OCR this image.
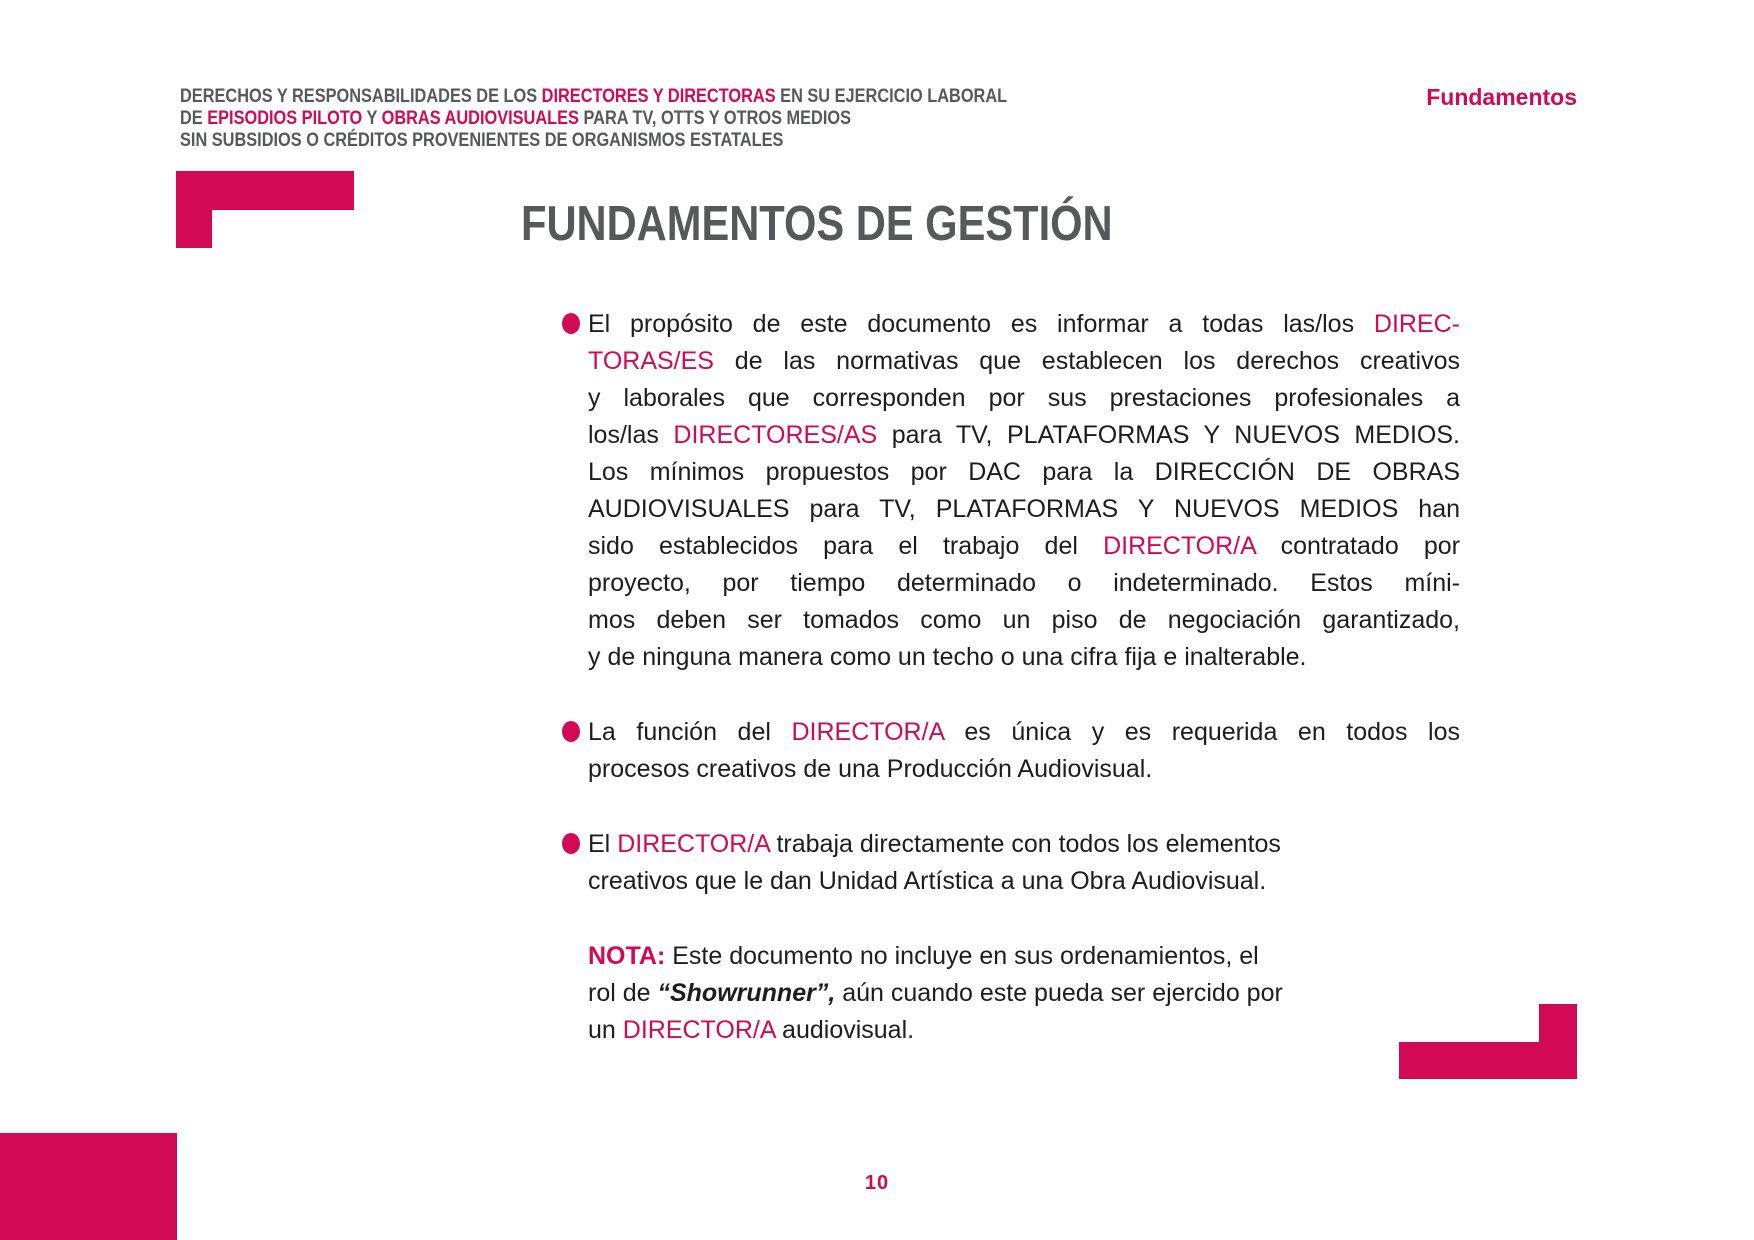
DERECHOS Y RESPONSABILIDADES DE LOS DIRECTORES Y DIRECTORAS EN SU EJERCICIO LABORAL
DE EPISODIOS PILOTO Y OBRAS AUDIOVISUALES PARA TV, OTTS Y OTROS MEDIOS
SIN SUBSIDIOS O CRÉDITOS PROVENIENTES DE ORGANISMOS ESTATALES
Fundamentos
FUNDAMENTOS DE GESTIÓN
El propósito de este documento es informar a todas las/los DIREC-
TORAS/ES de las normativas que establecen los derechos creativos
y laborales que corresponden por sus prestaciones profesionales a
los/las DIRECTORES/AS para TV, PLATAFORMAS Y NUEVOS MEDIOS.
Los mínimos propuestos por DAC para la DIRECCIÓN DE OBRAS
AUDIOVISUALES para TV, PLATAFORMAS Y NUEVOS MEDIOS han
sido establecidos para el trabajo del DIRECTOR/A contratado por
proyecto, por tiempo determinado o indeterminado. Estos míni-
mos deben ser tomados como un piso de negociación garantizado,
y de ninguna manera como un techo o una cifra fija e inalterable.
La función del DIRECTOR/A es única y es requerida en todos los
procesos creativos de una Producción Audiovisual.
El DIRECTOR/A trabaja directamente con todos los elementos
creativos que le dan Unidad Artística a una Obra Audiovisual.
NOTA: Este documento no incluye en sus ordenamientos, el
rol de “Showrunner”, aún cuando este pueda ser ejercido por
un DIRECTOR/A audiovisual.
10
